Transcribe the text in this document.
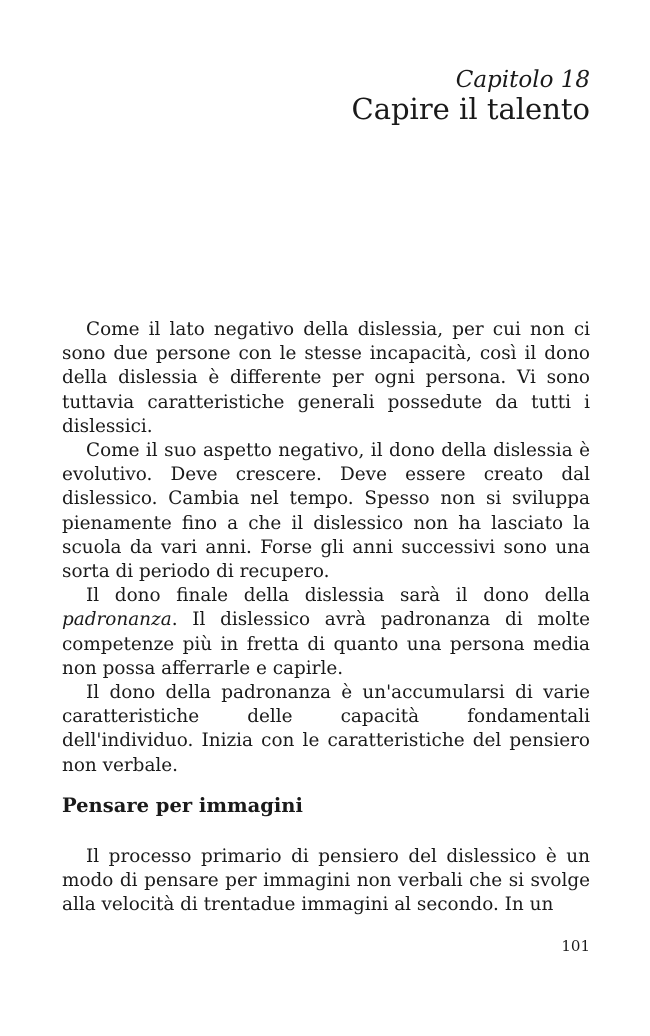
Capitolo 18
Capire il talento

Come il lato negativo della dislessia, per cui non ci sono due persone con le stesse incapacità, così il dono della dislessia è differente per ogni persona. Vi sono tuttavia caratteristiche generali possedute da tutti i dislessici.

Come il suo aspetto negativo, il dono della dislessia è evolutivo. Deve crescere. Deve essere creato dal dislessico. Cambia nel tempo. Spesso non si sviluppa pienamente fino a che il dislessico non ha lasciato la scuola da vari anni. Forse gli anni successivi sono una sorta di periodo di recupero.

Il dono finale della dislessia sarà il dono della padronanza. Il dislessico avrà padronanza di molte competenze più in fretta di quanto una persona media non possa afferrarle e capirle.

Il dono della padronanza è un'accumularsi di varie caratteristiche delle capacità fondamentali dell'individuo. Inizia con le caratteristiche del pensiero non verbale.

Pensare per immagini

Il processo primario di pensiero del dislessico è un modo di pensare per immagini non verbali che si svolge alla velocità di trentadue immagini al secondo. In un

101
